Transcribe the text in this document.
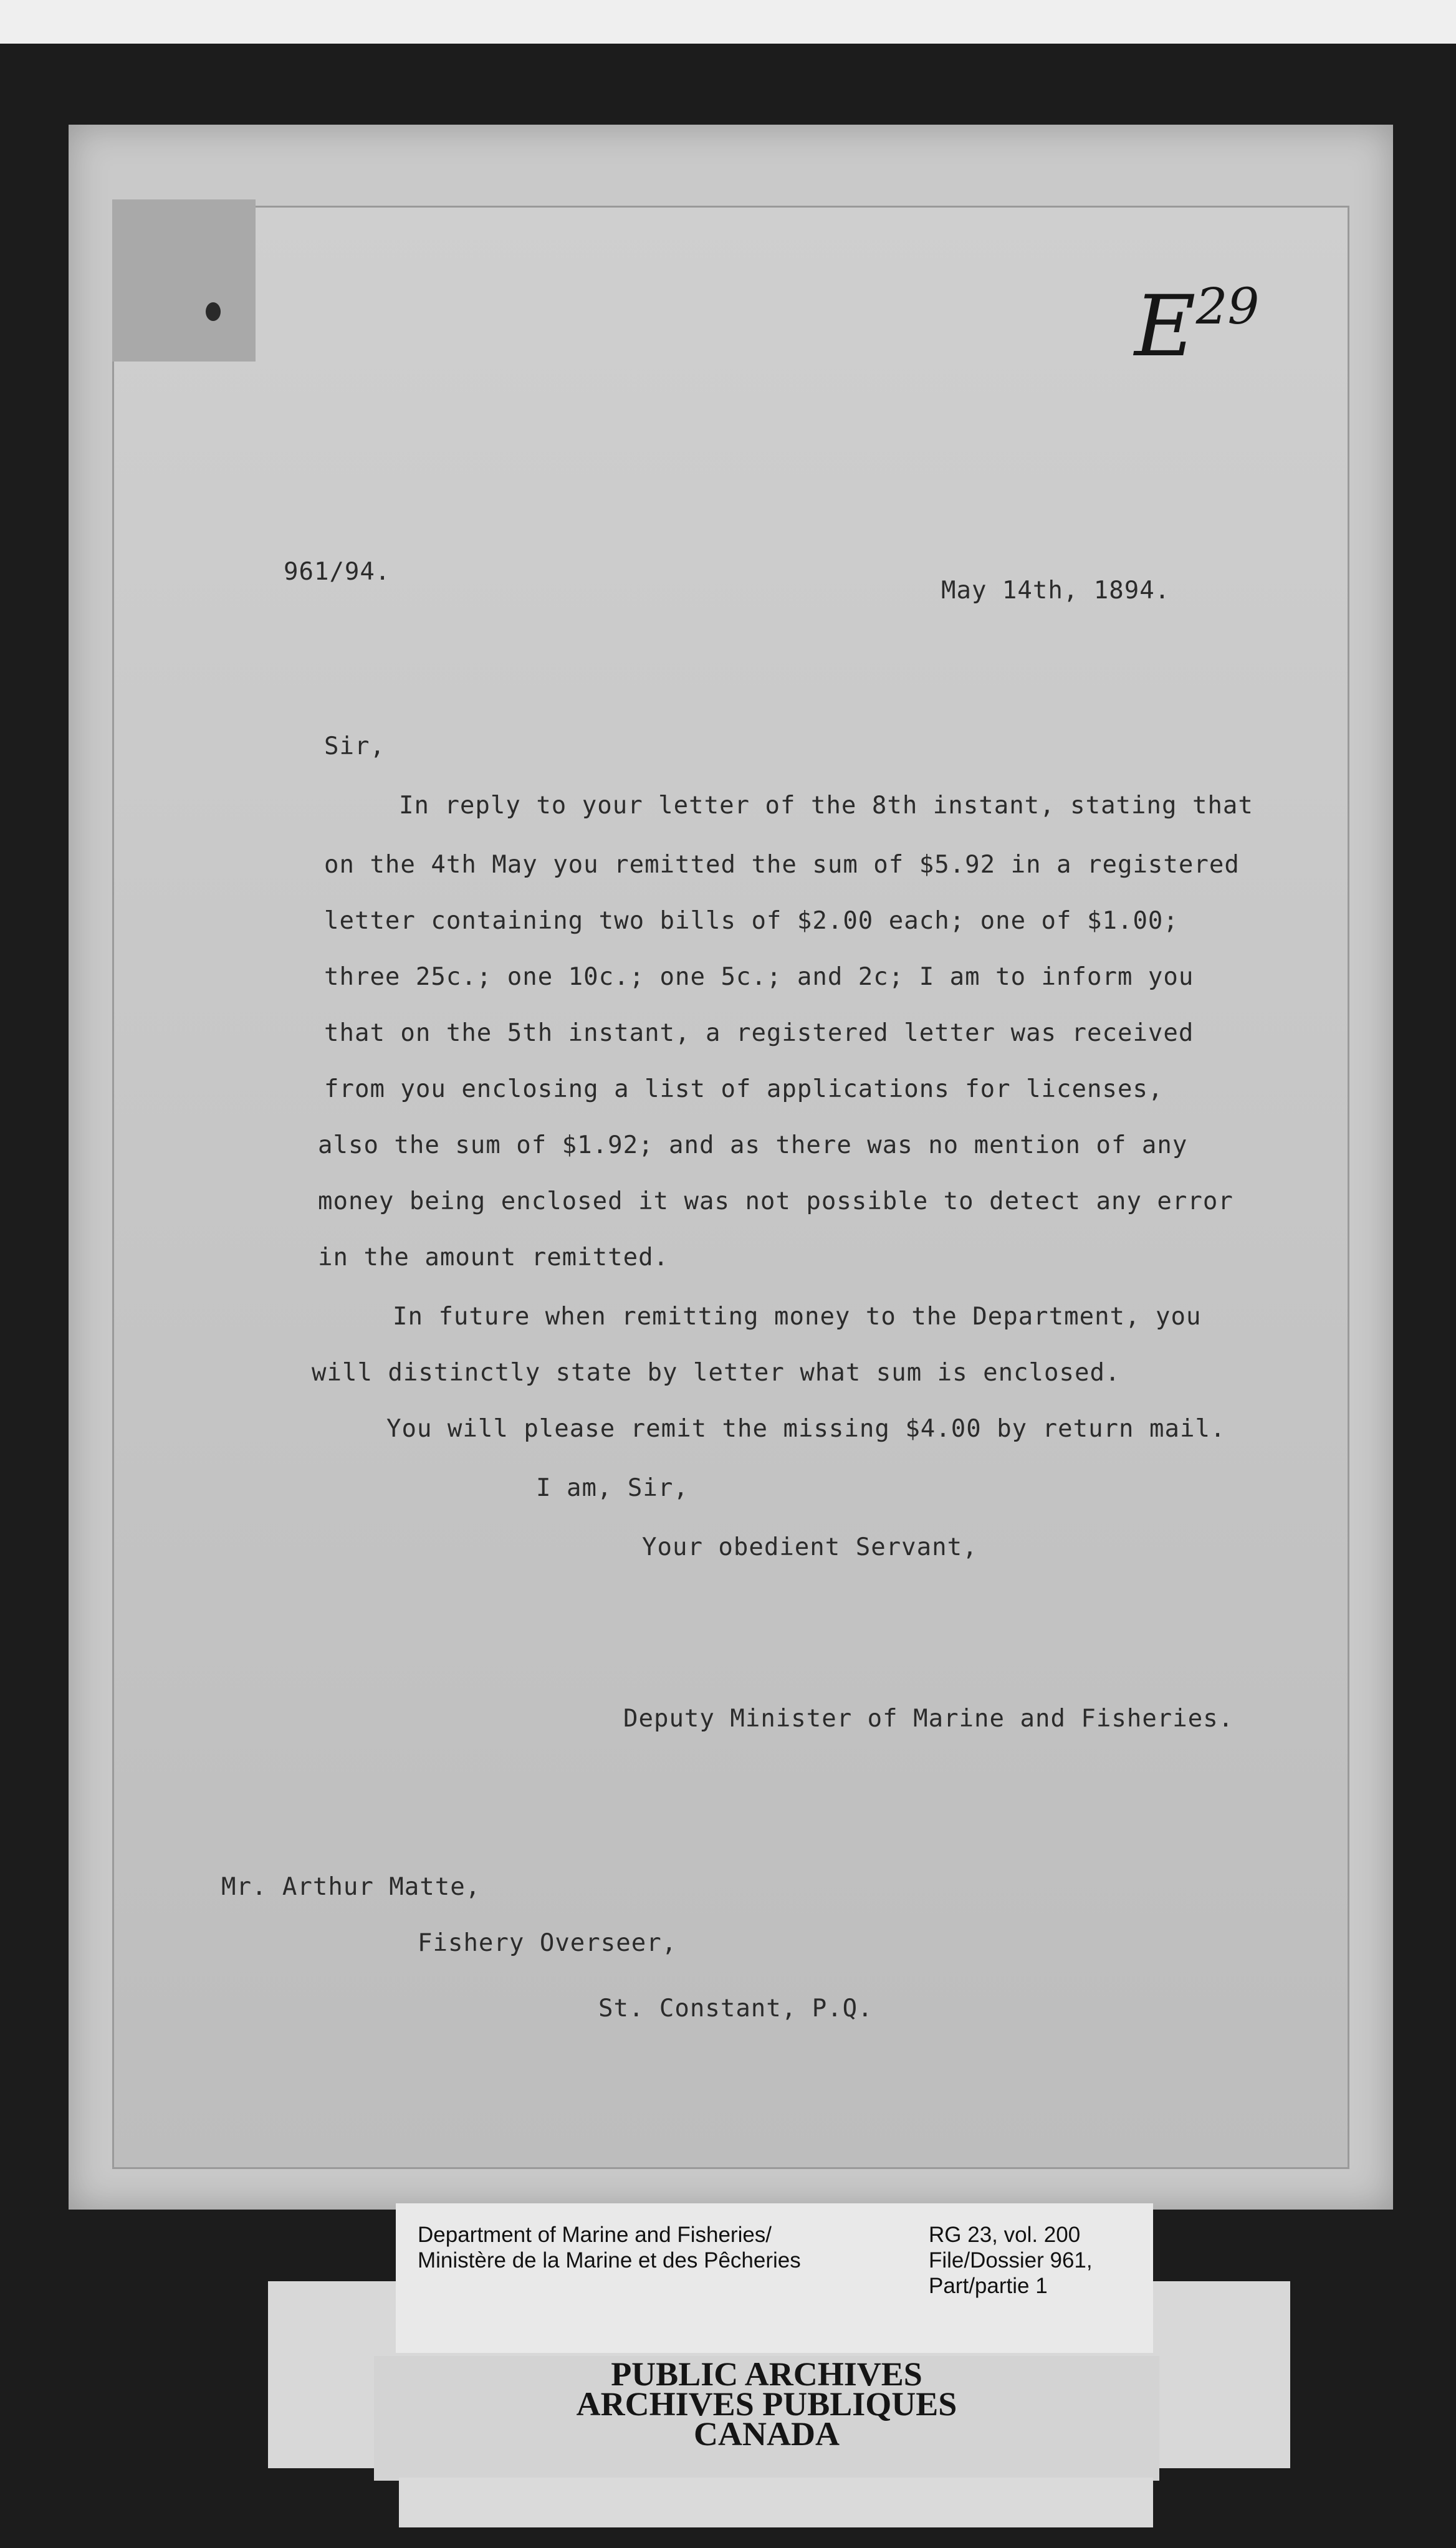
$E^{29}$
961/94.
May 14th, 1894.
Sir,
In reply to your letter of the 8th instant, stating that
on the 4th May you remitted the sum of $5.92 in a registered
letter containing two bills of $2.00 each; one of $1.00;
three 25c.; one 10c.; one 5c.; and 2c; I am to inform you
that on the 5th instant, a registered letter was received
from you enclosing a list of applications for licenses,
also the sum of $1.92; and as there was no mention of any
money being enclosed it was not possible to detect any error
in the amount remitted.
In future when remitting money to the Department, you
will distinctly state by letter what sum is enclosed.
You will please remit the missing $4.00 by return mail.
I am, Sir,
Your obedient Servant,
Deputy Minister of Marine and Fisheries.
Mr. Arthur Matte,
Fishery Overseer,
St. Constant, P.Q.
Department of Marine and Fisheries/
Ministère de la Marine et des Pêcheries
RG 23, vol. 200
File/Dossier 961,
Part/partie 1
PUBLIC ARCHIVES
ARCHIVES PUBLIQUES
CANADA
